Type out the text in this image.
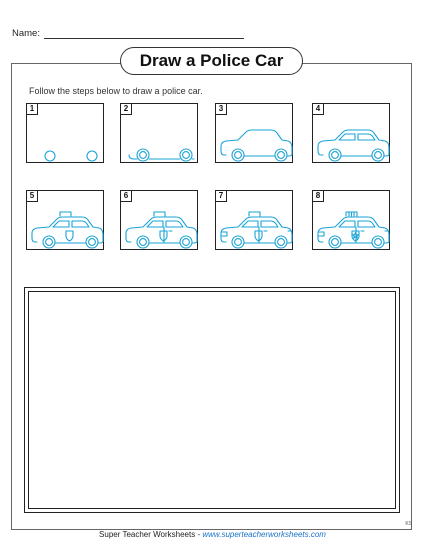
Name:
Draw a Police Car
Follow the steps below to draw a police car.
1	2	3	4
5	6	7	8
Super Teacher Worksheets - www.superteacherworksheets.com
KS
